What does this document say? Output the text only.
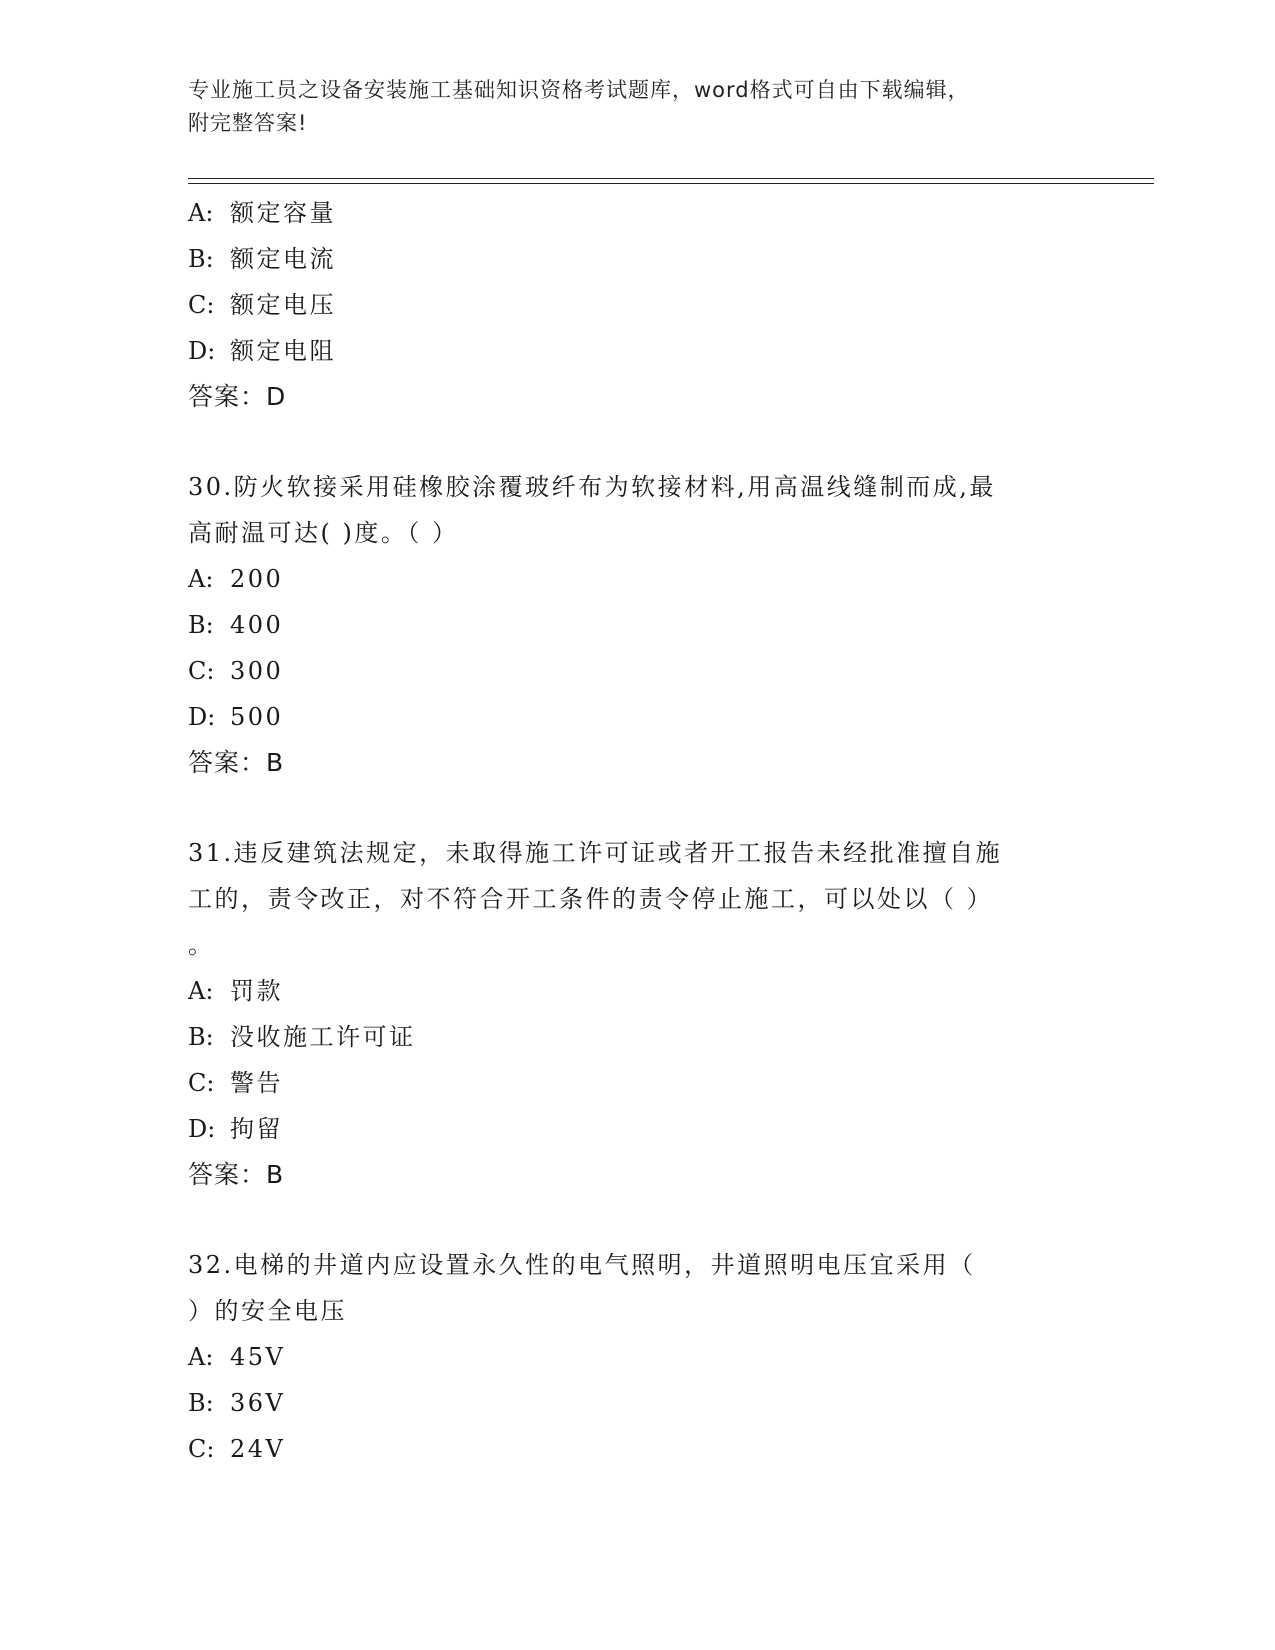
专业施工员之设备安装施工基础知识资格考试题库，word格式可自由下载编辑，
附完整答案!
A: 额定容量
B: 额定电流
C: 额定电压
D: 额定电阻
答案：D
30.防火软接采用硅橡胶涂覆玻纤布为软接材料,用高温线缝制而成,最
高耐温可达( )度。（ ）
A: 200
B: 400
C: 300
D: 500
答案：B
31.违反建筑法规定，未取得施工许可证或者开工报告未经批准擅自施
工的，责令改正，对不符合开工条件的责令停止施工，可以处以（ ）
。
A: 罚款
B: 没收施工许可证
C: 警告
D: 拘留
答案：B
32.电梯的井道内应设置永久性的电气照明，井道照明电压宜采用（
）的安全电压
A: 45V
B: 36V
C: 24V
